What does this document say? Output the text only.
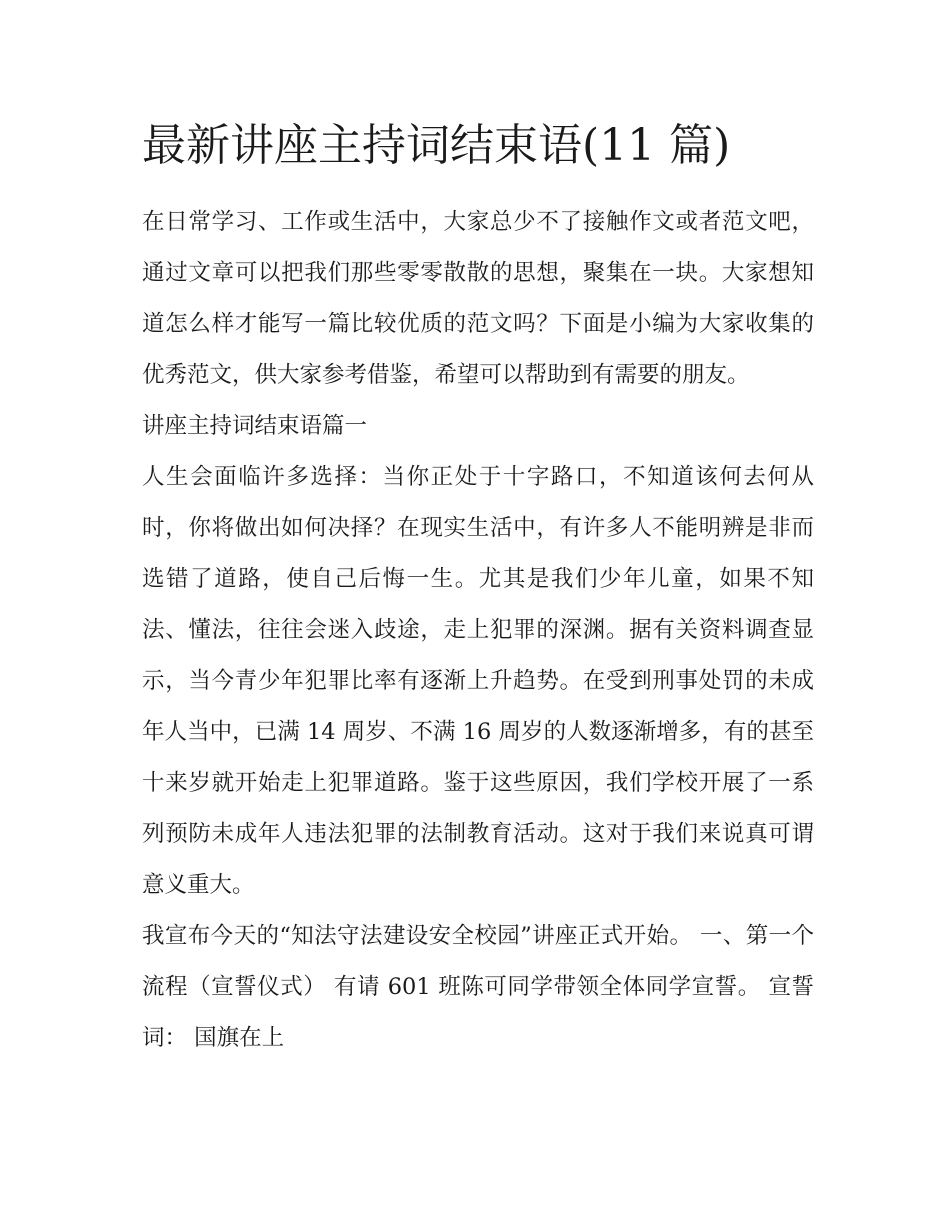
最新讲座主持词结束语(11 篇)

在日常学习、工作或生活中，大家总少不了接触作文或者范文吧，通过文章可以把我们那些零零散散的思想，聚集在一块。大家想知道怎么样才能写一篇比较优质的范文吗？下面是小编为大家收集的优秀范文，供大家参考借鉴，希望可以帮助到有需要的朋友。

讲座主持词结束语篇一

人生会面临许多选择：当你正处于十字路口，不知道该何去何从时，你将做出如何决择？在现实生活中，有许多人不能明辨是非而选错了道路，使自己后悔一生。尤其是我们少年儿童，如果不知法、懂法，往往会迷入歧途，走上犯罪的深渊。据有关资料调查显示，当今青少年犯罪比率有逐渐上升趋势。在受到刑事处罚的未成年人当中，已满 14 周岁、不满 16 周岁的人数逐渐增多，有的甚至十来岁就开始走上犯罪道路。鉴于这些原因，我们学校开展了一系列预防未成年人违法犯罪的法制教育活动。这对于我们来说真可谓意义重大。

我宣布今天的“知法守法建设安全校园”讲座正式开始。 一、第一个流程（宣誓仪式） 有请 601 班陈可同学带领全体同学宣誓。 宣誓词： 国旗在上
